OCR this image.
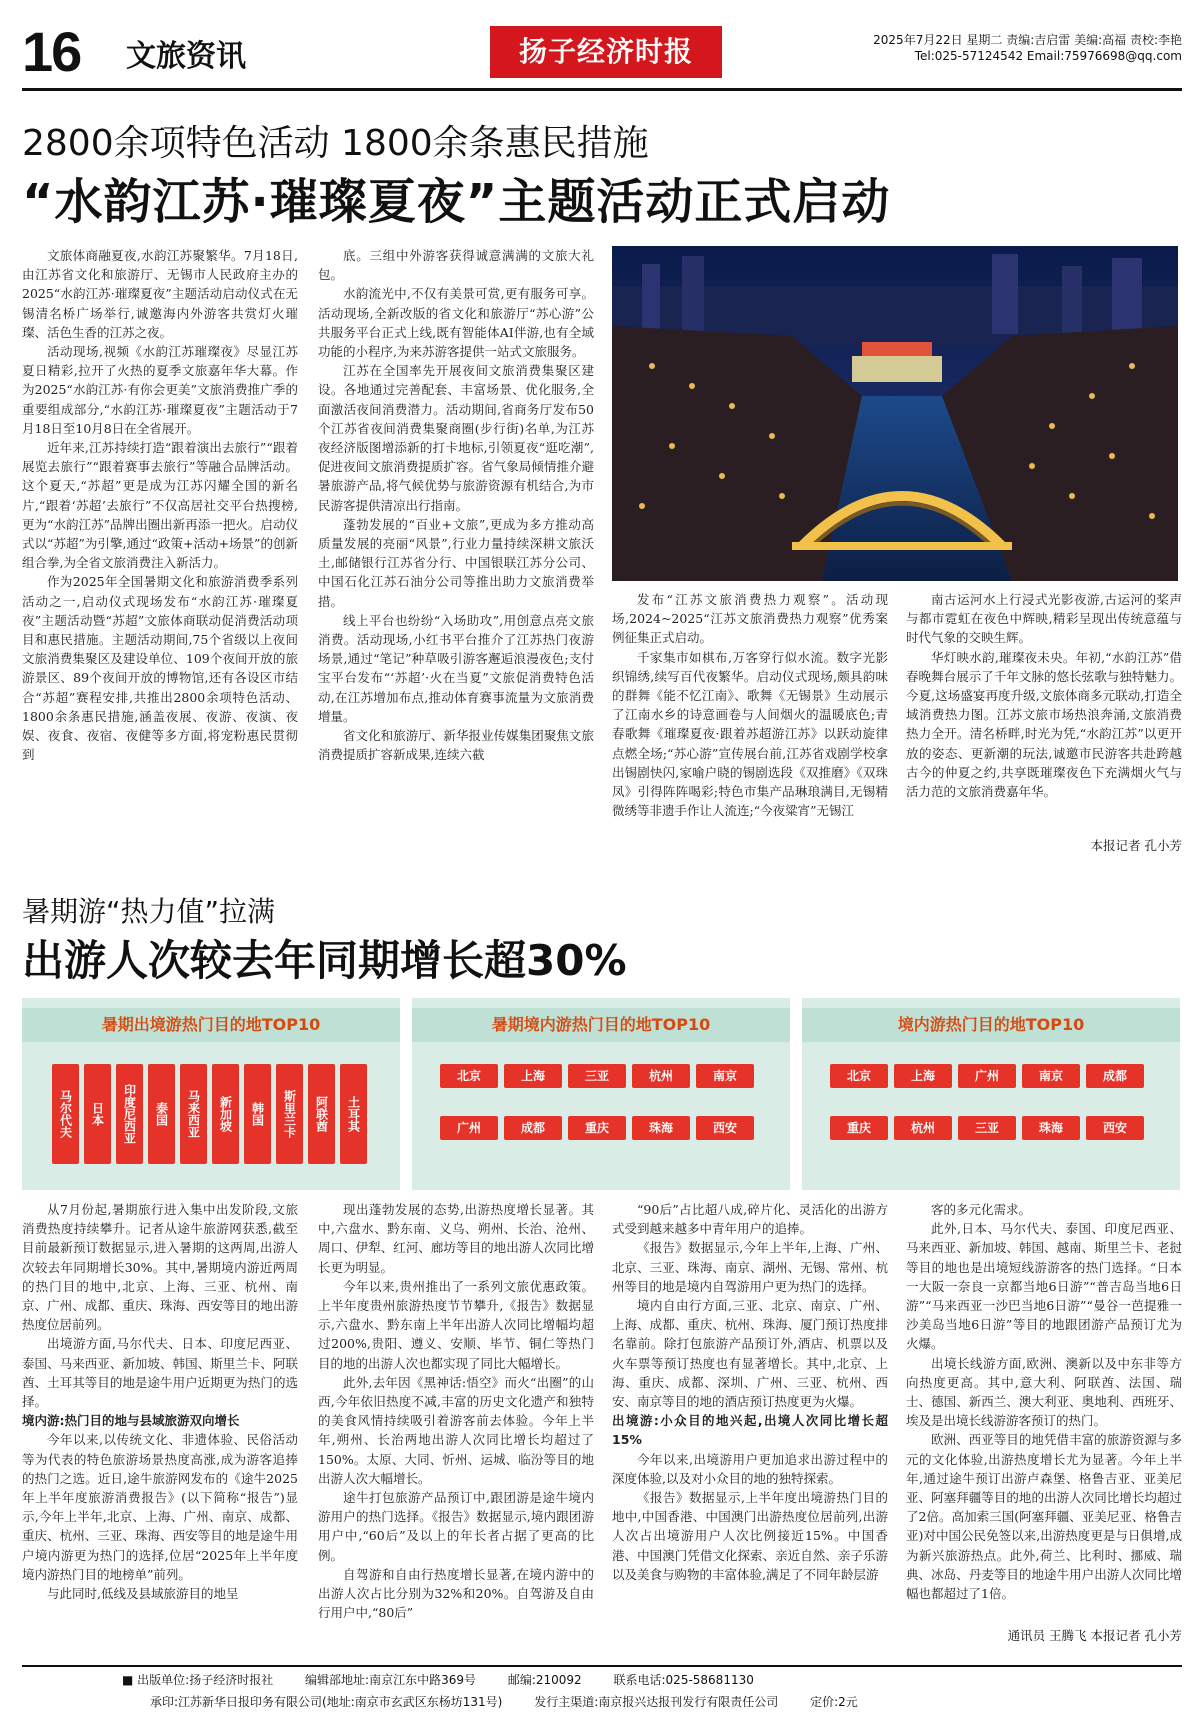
16 文旅资讯	扬子经济时报	2025年7月22日 星期二 责编:吉启雷 美编:高福 责校:李艳
Tel:025-57124542 Email:75976698@qq.com
2800余项特色活动 1800余条惠民措施
“水韵江苏·璀璨夏夜”主题活动正式启动

文旅体商融夏夜,水韵江苏聚繁华。7月18日,由江苏省文化和旅游厅、无锡市人民政府主办的2025“水韵江苏·璀璨夏夜”主题活动启动仪式在无锡清名桥广场举行,诚邀海内外游客共赏灯火璀璨、活色生香的江苏之夜。

活动现场,视频《水韵江苏璀璨夜》尽显江苏夏日精彩,拉开了火热的夏季文旅嘉年华大幕。作为2025“水韵江苏·有你会更美”文旅消费推广季的重要组成部分,“水韵江苏·璀璨夏夜”主题活动于7月18日至10月8日在全省展开。

近年来,江苏持续打造“跟着演出去旅行”“跟着展览去旅行”“跟着赛事去旅行”等融合品牌活动。这个夏天,“苏超”更是成为江苏闪耀全国的新名片,“跟着‘苏超’去旅行”不仅高居社交平台热搜榜,更为“水韵江苏”品牌出圈出新再添一把火。启动仪式以“苏超”为引擎,通过“政策+活动+场景”的创新组合拳,为全省文旅消费注入新活力。

作为2025年全国暑期文化和旅游消费季系列活动之一,启动仪式现场发布“水韵江苏·璀璨夏夜”主题活动暨“苏超”文旅体商联动促消费活动项目和惠民措施。主题活动期间,75个省级以上夜间文旅消费集聚区及建设单位、109个夜间开放的旅游景区、89个夜间开放的博物馆,还有各设区市结合“苏超”赛程安排,共推出2800余项特色活动、1800余条惠民措施,涵盖夜展、夜游、夜演、夜娱、夜食、夜宿、夜健等多方面,将宠粉惠民贯彻到

底。三组中外游客获得诚意满满的文旅大礼包。

水韵流光中,不仅有美景可赏,更有服务可享。活动现场,全新改版的省文化和旅游厅“苏心游”公共服务平台正式上线,既有智能体AI伴游,也有全域功能的小程序,为来苏游客提供一站式文旅服务。

江苏在全国率先开展夜间文旅消费集聚区建设。各地通过完善配套、丰富场景、优化服务,全面激活夜间消费潜力。活动期间,省商务厅发布50个江苏省夜间消费集聚商圈(步行街)名单,为江苏夜经济版图增添新的打卡地标,引领夏夜“逛吃潮”,促进夜间文旅消费提质扩容。省气象局倾情推介避暑旅游产品,将气候优势与旅游资源有机结合,为市民游客提供清凉出行指南。

蓬勃发展的“百业+文旅”,更成为多方推动高质量发展的亮丽“风景”,行业力量持续深耕文旅沃土,邮储银行江苏省分行、中国银联江苏分公司、中国石化江苏石油分公司等推出助力文旅消费举措。

线上平台也纷纷“入场助攻”,用创意点亮文旅消费。活动现场,小红书平台推介了江苏热门夜游场景,通过“笔记”种草吸引游客邂逅浪漫夜色;支付宝平台发布“‘苏超’·火在当夏”文旅促消费特色活动,在江苏增加布点,推动体育赛事流量为文旅消费增量。

省文化和旅游厅、新华报业传媒集团聚焦文旅消费提质扩容新成果,连续六截

发布“江苏文旅消费热力观察”。活动现场,2024~2025“江苏文旅消费热力观察”优秀案例征集正式启动。

千家集市如棋布,万客穿行似水流。数字光影织锦绣,续写百代夜繁华。启动仪式现场,颇具韵味的群舞《能不忆江南》、歌舞《无锡景》生动展示了江南水乡的诗意画卷与人间烟火的温暖底色;青春歌舞《璀璨夏夜·跟着苏超游江苏》以跃动旋律点燃全场;“苏心游”宣传展台前,江苏省戏剧学校拿出锡剧快闪,家喻户晓的锡剧选段《双推磨》《双珠凤》引得阵阵喝彩;特色市集产品琳琅满目,无锡精微绣等非遗手作让人流连;“今夜粱宵”无锡江

南古运河水上行浸式光影夜游,古运河的桨声与都市霓虹在夜色中辉映,精彩呈现出传统意蕴与时代气象的交映生辉。

华灯映水韵,璀璨夜未央。年初,“水韵江苏”借春晚舞台展示了千年文脉的悠长弦歌与独特魅力。今夏,这场盛宴再度升级,文旅体商多元联动,打造全域消费热力图。江苏文旅市场热浪奔涌,文旅消费热力全开。清名桥畔,时光为凭,“水韵江苏”以更开放的姿态、更新潮的玩法,诚邀市民游客共赴跨越古今的仲夏之约,共享既璀璨夜色下充满烟火气与活力范的文旅消费嘉年华。

本报记者 孔小芳
暑期游“热力值”拉满
出游人次较去年同期增长超30%
暑期出境游热门目的地TOP10
马尔代夫	日本	印度尼西亚	泰国	马来西亚	新加坡	韩国	斯里兰卡	阿联酋	土耳其
暑期境内游热门目的地TOP10
北京	上海	三亚	杭州	南京
广州	成都	重庆	珠海	西安
境内游热门目的地TOP10
北京	上海	广州	南京	成都
重庆	杭州	三亚	珠海	西安

从7月份起,暑期旅行进入集中出发阶段,文旅消费热度持续攀升。记者从途牛旅游网获悉,截至目前最新预订数据显示,进入暑期的这两周,出游人次较去年同期增长30%。其中,暑期境内游近两周的热门目的地中,北京、上海、三亚、杭州、南京、广州、成都、重庆、珠海、西安等目的地出游热度位居前列。

出境游方面,马尔代夫、日本、印度尼西亚、泰国、马来西亚、新加坡、韩国、斯里兰卡、阿联酋、土耳其等目的地是途牛用户近期更为热门的选择。

境内游:热门目的地与县域旅游双向增长

今年以来,以传统文化、非遗体验、民俗活动等为代表的特色旅游场景热度高涨,成为游客追捧的热门之选。近日,途牛旅游网发布的《途牛2025年上半年度旅游消费报告》(以下简称“报告”)显示,今年上半年,北京、上海、广州、南京、成都、重庆、杭州、三亚、珠海、西安等目的地是途牛用户境内游更为热门的选择,位居“2025年上半年度境内游热门目的地榜单”前列。

与此同时,低线及县域旅游目的地呈

现出蓬勃发展的态势,出游热度增长显著。其中,六盘水、黔东南、义乌、朔州、长治、沧州、周口、伊犁、红河、廊坊等目的地出游人次同比增长更为明显。

今年以来,贵州推出了一系列文旅优惠政策。上半年度贵州旅游热度节节攀升,《报告》数据显示,六盘水、黔东南上半年出游人次同比增幅均超过200%,贵阳、遵义、安顺、毕节、铜仁等热门目的地的出游人次也都实现了同比大幅增长。

此外,去年因《黑神话:悟空》而火“出圈”的山西,今年依旧热度不减,丰富的历史文化遗产和独特的美食风情持续吸引着游客前去体验。今年上半年,朔州、长治两地出游人次同比增长均超过了150%。太原、大同、忻州、运城、临汾等目的地出游人次大幅增长。

途牛打包旅游产品预订中,跟团游是途牛境内游用户的热门选择。《报告》数据显示,境内跟团游用户中,“60后”及以上的年长者占据了更高的比例。

自驾游和自由行热度增长显著,在境内游中的出游人次占比分别为32%和20%。自驾游及自由行用户中,“80后”

“90后”占比超八成,碎片化、灵活化的出游方式受到越来越多中青年用户的追捧。

《报告》数据显示,今年上半年,上海、广州、北京、三亚、珠海、南京、湖州、无锡、常州、杭州等目的地是境内自驾游用户更为热门的选择。

境内自由行方面,三亚、北京、南京、广州、上海、成都、重庆、杭州、珠海、厦门预订热度排名靠前。除打包旅游产品预订外,酒店、机票以及火车票等预订热度也有显著增长。其中,北京、上海、重庆、成都、深圳、广州、三亚、杭州、西安、南京等目的地的酒店预订热度更为火爆。

出境游:小众目的地兴起,出境人次同比增长超15%

今年以来,出境游用户更加追求出游过程中的深度体验,以及对小众目的地的独特探索。

《报告》数据显示,上半年度出境游热门目的地中,中国香港、中国澳门出游热度位居前列,出游人次占出境游用户人次比例接近15%。中国香港、中国澳门凭借文化探索、亲近自然、亲子乐游以及美食与购物的丰富体验,满足了不同年龄层游

客的多元化需求。

此外,日本、马尔代夫、泰国、印度尼西亚、马来西亚、新加坡、韩国、越南、斯里兰卡、老挝等目的地也是出境短线游游客的热门选择。“日本一大阪一奈良一京都当地6日游”“普吉岛当地6日游”“马来西亚一沙巴当地6日游”“曼谷一芭提雅一沙美岛当地6日游”等目的地跟团游产品预订尤为火爆。

出境长线游方面,欧洲、澳新以及中东非等方向热度更高。其中,意大利、阿联酋、法国、瑞士、德国、新西兰、澳大利亚、奥地利、西班牙、埃及是出境长线游游客预订的热门。

欧洲、西亚等目的地凭借丰富的旅游资源与多元的文化体验,出游热度增长尤为显著。今年上半年,通过途牛预订出游卢森堡、格鲁吉亚、亚美尼亚、阿塞拜疆等目的地的出游人次同比增长均超过了2倍。高加索三国(阿塞拜疆、亚美尼亚、格鲁吉亚)对中国公民免签以来,出游热度更是与日俱增,成为新兴旅游热点。此外,荷兰、比利时、挪威、瑞典、冰岛、丹麦等目的地途牛用户出游人次同比增幅也都超过了1倍。

通讯员 王腾飞 本报记者 孔小芳
■ 出版单位:扬子经济时报社	编辑部地址:南京江东中路369号	邮编:210092	联系电话:025-58681130
承印:江苏新华日报印务有限公司(地址:南京市玄武区东杨坊131号)	发行主渠道:南京报兴达报刊发行有限责任公司	定价:2元
